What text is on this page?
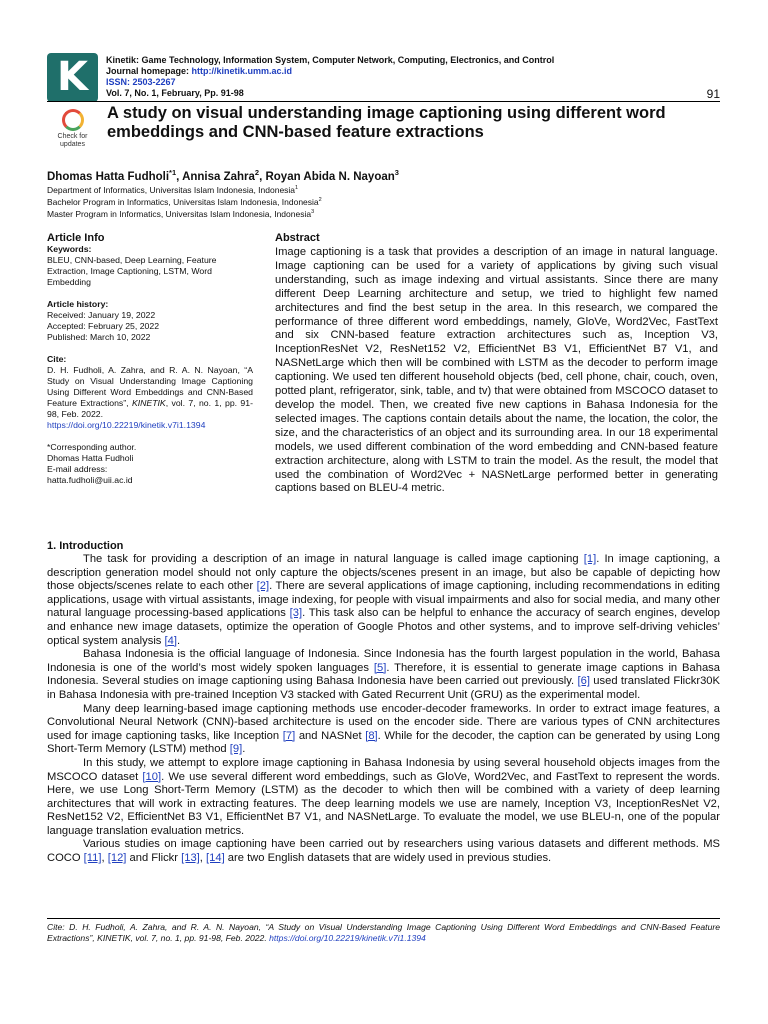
K	Kinetik: Game Technology, Information System, Computer Network, Computing, Electronics, and Control
Journal homepage: http://kinetik.umm.ac.id
ISSN: 2503-2267
Vol. 7, No. 1, February, Pp. 91-98	91
Check for updates
A study on visual understanding image captioning using different word embeddings and CNN-based feature extractions
Dhomas Hatta Fudholi$^{*1}$, Annisa Zahra$^2$, Royan Abida N. Nayoan$^3$
Department of Informatics, Universitas Islam Indonesia, Indonesia$^1$
Bachelor Program in Informatics, Universitas Islam Indonesia, Indonesia$^2$
Master Program in Informatics, Universitas Islam Indonesia, Indonesia$^3$
Article Info
Keywords:
BLEU, CNN-based, Deep Learning, Feature Extraction, Image Captioning, LSTM, Word Embedding
Article history:
Received: January 19, 2022
Accepted: February 25, 2022
Published: March 10, 2022
Cite:
D. H. Fudholi, A. Zahra, and R. A. N. Nayoan, “A Study on Visual Understanding Image Captioning Using Different Word Embeddings and CNN-Based Feature Extractions”, KINETIK, vol. 7, no. 1, pp. 91-98, Feb. 2022.
https://doi.org/10.22219/kinetik.v7i1.1394
*Corresponding author.
Dhomas Hatta Fudholi
E-mail address:
hatta.fudholi@uii.ac.id
Abstract
Image captioning is a task that provides a description of an image in natural language. Image captioning can be used for a variety of applications by giving such visual understanding, such as image indexing and virtual assistants. Since there are many different Deep Learning architecture and setup, we tried to highlight few named architectures and find the best setup in the area. In this research, we compared the performance of three different word embeddings, namely, GloVe, Word2Vec, FastText and six CNN-based feature extraction architectures such as, Inception V3, InceptionResNet V2, ResNet152 V2, EfficientNet B3 V1, EfficientNet B7 V1, and NASNetLarge which then will be combined with LSTM as the decoder to perform image captioning. We used ten different household objects (bed, cell phone, chair, couch, oven, potted plant, refrigerator, sink, table, and tv) that were obtained from MSCOCO dataset to develop the model. Then, we created five new captions in Bahasa Indonesia for the selected images. The captions contain details about the name, the location, the color, the size, and the characteristics of an object and its surrounding area. In our 18 experimental models, we used different combination of the word embedding and CNN-based feature extraction architecture, along with LSTM to train the model. As the result, the model that used the combination of Word2Vec + NASNetLarge performed better in generating captions based on BLEU-4 metric.
1. Introduction

The task for providing a description of an image in natural language is called image captioning [1]. In image captioning, a description generation model should not only capture the objects/scenes present in an image, but also be capable of depicting how those objects/scenes relate to each other [2]. There are several applications of image captioning, including recommendations in editing applications, usage with virtual assistants, image indexing, for people with visual impairments and also for social media, and many other natural language processing-based applications [3]. This task also can be helpful to enhance the accuracy of search engines, develop and enhance new image datasets, optimize the operation of Google Photos and other systems, and to improve self-driving vehicles’ optical system analysis [4].

Bahasa Indonesia is the official language of Indonesia. Since Indonesia has the fourth largest population in the world, Bahasa Indonesia is one of the world’s most widely spoken languages [5]. Therefore, it is essential to generate image captions in Bahasa Indonesia. Several studies on image captioning using Bahasa Indonesia have been carried out previously. [6] used translated Flickr30K in Bahasa Indonesia with pre-trained Inception V3 stacked with Gated Recurrent Unit (GRU) as the experimental model.

Many deep learning-based image captioning methods use encoder-decoder frameworks. In order to extract image features, a Convolutional Neural Network (CNN)-based architecture is used on the encoder side. There are various types of CNN architectures used for image captioning tasks, like Inception [7] and NASNet [8]. While for the decoder, the caption can be generated by using Long Short-Term Memory (LSTM) method [9].

In this study, we attempt to explore image captioning in Bahasa Indonesia by using several household objects images from the MSCOCO dataset [10]. We use several different word embeddings, such as GloVe, Word2Vec, and FastText to represent the words. Here, we use Long Short-Term Memory (LSTM) as the decoder to which then will be combined with a variety of deep learning architectures that will work in extracting features. The deep learning models we use are namely, Inception V3, InceptionResNet V2, ResNet152 V2, EfficientNet B3 V1, EfficientNet B7 V1, and NASNetLarge. To evaluate the model, we use BLEU-n, one of the popular language translation evaluation metrics.

Various studies on image captioning have been carried out by researchers using various datasets and different methods. MS COCO [11], [12] and Flickr [13], [14] are two English datasets that are widely used in previous studies.

Cite: D. H. Fudholi, A. Zahra, and R. A. N. Nayoan, “A Study on Visual Understanding Image Captioning Using Different Word Embeddings and CNN-Based Feature Extractions”, KINETIK, vol. 7, no. 1, pp. 91-98, Feb. 2022. https://doi.org/10.22219/kinetik.v7i1.1394
